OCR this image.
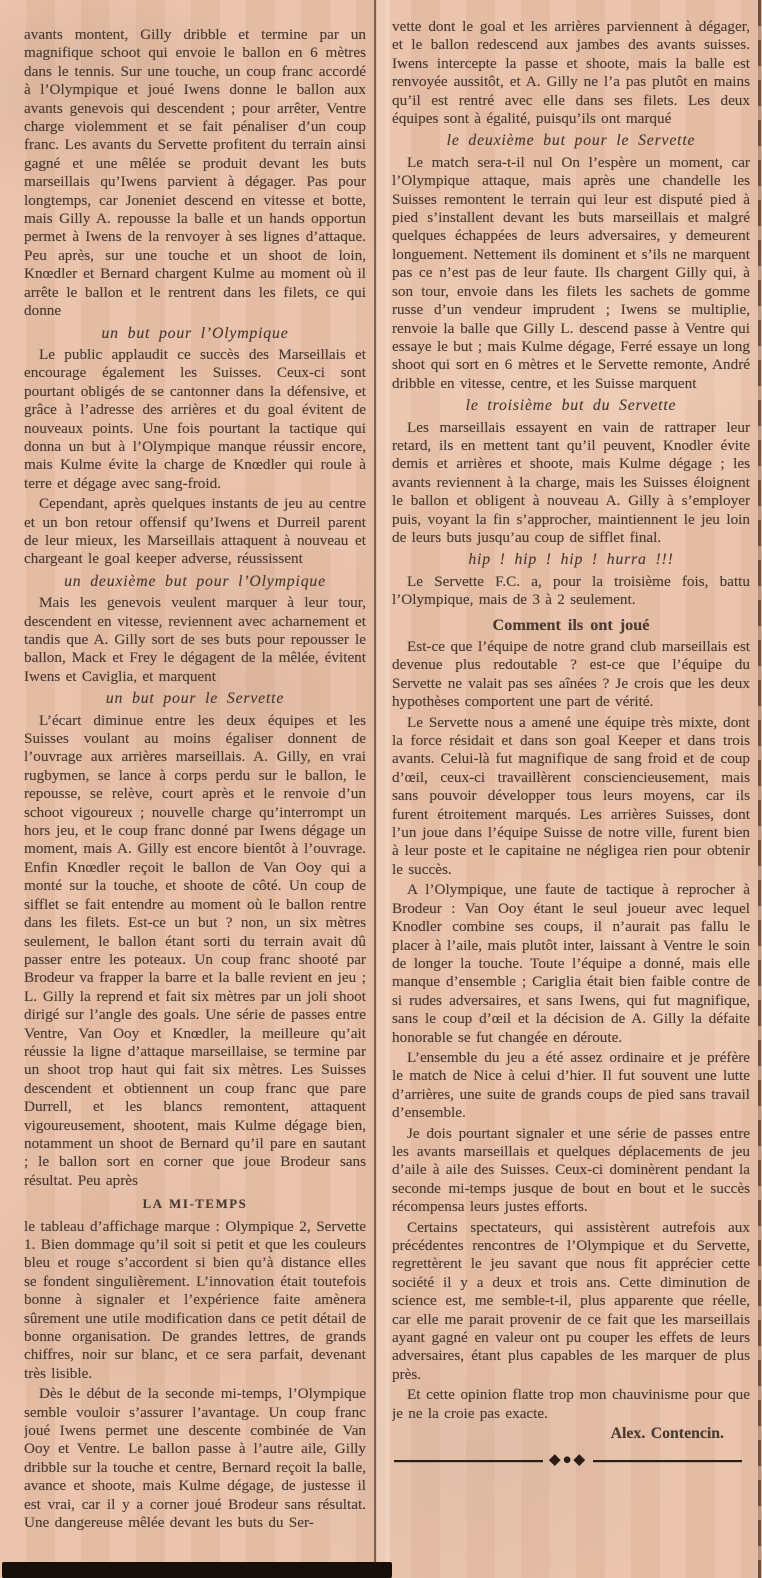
avants montent, Gilly dribble et termine par un magnifique schoot qui envoie le ballon en 6 mètres dans le tennis. Sur une touche, un coup franc accordé à l’Olympique et joué Iwens donne le ballon aux avants genevois qui descendent ; pour arrêter, Ventre charge violemment et se fait pénaliser d’un coup franc. Les avants du Servette profitent du terrain ainsi gagné et une mêlée se produit devant les buts marseillais qu’Iwens parvient à dégager. Pas pour longtemps, car Joneniet descend en vitesse et botte, mais Gilly A. repousse la balle et un hands opportun permet à Iwens de la renvoyer à ses lignes d’attaque. Peu après, sur une touche et un shoot de loin, Knœdler et Bernard chargent Kulme au moment où il arrête le ballon et le rentrent dans les filets, ce qui donne
un but pour l’Olympique
Le public applaudit ce succès des Marseillais et encourage également les Suisses. Ceux-ci sont pourtant obligés de se cantonner dans la défensive, et grâce à l’adresse des arrières et du goal évitent de nouveaux points. Une fois pourtant la tactique qui donna un but à l’Olympique manque réussir encore, mais Kulme évite la charge de Knœdler qui roule à terre et dégage avec sang-froid.
Cependant, après quelques instants de jeu au centre et un bon retour offensif qu’Iwens et Durreil parent de leur mieux, les Marseillais attaquent à nouveau et chargeant le goal keeper adverse, réussissent
un deuxième but pour l’Olympique
Mais les genevois veulent marquer à leur tour, descendent en vitesse, reviennent avec acharnement et tandis que A. Gilly sort de ses buts pour repousser le ballon, Mack et Frey le dégagent de la mêlée, évitent Iwens et Caviglia, et marquent
un but pour le Servette
L’écart diminue entre les deux équipes et les Suisses voulant au moins égaliser donnent de l’ouvrage aux arrières marseillais. A. Gilly, en vrai rugbymen, se lance à corps perdu sur le ballon, le repousse, se relève, court après et le renvoie d’un schoot vigoureux ; nouvelle charge qu’interrompt un hors jeu, et le coup franc donné par Iwens dégage un moment, mais A. Gilly est encore bientôt à l’ouvrage. Enfin Knœdler reçoit le ballon de Van Ooy qui a monté sur la touche, et shoote de côté. Un coup de sifflet se fait entendre au moment où le ballon rentre dans les filets. Est-ce un but ? non, un six mètres seulement, le ballon étant sorti du terrain avait dû passer entre les poteaux. Un coup franc shooté par Brodeur va frapper la barre et la balle revient en jeu ; L. Gilly la reprend et fait six mètres par un joli shoot dirigé sur l’angle des goals. Une série de passes entre Ventre, Van Ooy et Knœdler, la meilleure qu’ait réussie la ligne d’attaque marseillaise, se termine par un shoot trop haut qui fait six mètres. Les Suisses descendent et obtiennent un coup franc que pare Durrell, et les blancs remontent, attaquent vigoureusement, shootent, mais Kulme dégage bien, notamment un shoot de Bernard qu’il pare en sautant ; le ballon sort en corner que joue Brodeur sans résultat. Peu après
LA MI-TEMPS
le tableau d’affichage marque : Olympique 2, Servette 1. Bien dommage qu’il soit si petit et que les couleurs bleu et rouge s’accordent si bien qu’à distance elles se fondent singulièrement. L’innovation était toutefois bonne à signaler et l’expérience faite amènera sûrement une utile modification dans ce petit détail de bonne organisation. De grandes lettres, de grands chiffres, noir sur blanc, et ce sera parfait, devenant très lisible.
Dès le début de la seconde mi-temps, l’Olympique semble vouloir s’assurer l’avantage. Un coup franc joué Iwens permet une descente combinée de Van Ooy et Ventre. Le ballon passe à l’autre aile, Gilly dribble sur la touche et centre, Bernard reçoit la balle, avance et shoote, mais Kulme dégage, de justesse il est vrai, car il y a corner joué Brodeur sans résultat. Une dangereuse mêlée devant les buts du Ser-
vette dont le goal et les arrières parviennent à dégager, et le ballon redescend aux jambes des avants suisses. Iwens intercepte la passe et shoote, mais la balle est renvoyée aussitôt, et A. Gilly ne l’a pas plutôt en mains qu’il est rentré avec elle dans ses filets. Les deux équipes sont à égalité, puisqu’ils ont marqué
le deuxième but pour le Servette
Le match sera-t-il nul On l’espère un moment, car l’Olympique attaque, mais après une chandelle les Suisses remontent le terrain qui leur est disputé pied à pied s’installent devant les buts marseillais et malgré quelques échappées de leurs adversaires, y demeurent longuement. Nettement ils dominent et s’ils ne marquent pas ce n’est pas de leur faute. Ils chargent Gilly qui, à son tour, envoie dans les filets les sachets de gomme russe d’un vendeur imprudent ; Iwens se multiplie, renvoie la balle que Gilly L. descend passe à Ventre qui essaye le but ; mais Kulme dégage, Ferré essaye un long shoot qui sort en 6 mètres et le Servette remonte, André dribble en vitesse, centre, et les Suisse marquent
le troisième but du Servette
Les marseillais essayent en vain de rattraper leur retard, ils en mettent tant qu’il peuvent, Knodler évite demis et arrières et shoote, mais Kulme dégage ; les avants reviennent à la charge, mais les Suisses éloignent le ballon et obligent à nouveau A. Gilly à s’employer puis, voyant la fin s’approcher, maintiennent le jeu loin de leurs buts jusqu’au coup de sifflet final.
hip ! hip ! hip ! hurra !!!
Le Servette F.C. a, pour la troisième fois, battu l’Olympique, mais de 3 à 2 seulement.
Comment ils ont joué
Est-ce que l’équipe de notre grand club marseillais est devenue plus redoutable ? est-ce que l’équipe du Servette ne valait pas ses aînées ? Je crois que les deux hypothèses comportent une part de vérité.
Le Servette nous a amené une équipe très mixte, dont la force résidait et dans son goal Keeper et dans trois avants. Celui-là fut magnifique de sang froid et de coup d’œil, ceux-ci travaillèrent consciencieusement, mais sans pouvoir développer tous leurs moyens, car ils furent étroitement marqués. Les arrières Suisses, dont l’un joue dans l’équipe Suisse de notre ville, furent bien à leur poste et le capitaine ne négligea rien pour obtenir le succès.
A l’Olympique, une faute de tactique à reprocher à Brodeur : Van Ooy étant le seul joueur avec lequel Knodler combine ses coups, il n’aurait pas fallu le placer à l’aile, mais plutôt inter, laissant à Ventre le soin de longer la touche. Toute l’équipe a donné, mais elle manque d’ensemble ; Cariglia était bien faible contre de si rudes adversaires, et sans Iwens, qui fut magnifique, sans le coup d’œil et la décision de A. Gilly la défaite honorable se fut changée en déroute.
L’ensemble du jeu a été assez ordinaire et je préfère le match de Nice à celui d’hier. Il fut souvent une lutte d’arrières, une suite de grands coups de pied sans travail d’ensemble.
Je dois pourtant signaler et une série de passes entre les avants marseillais et quelques déplacements de jeu d’aile à aile des Suisses. Ceux-ci dominèrent pendant la seconde mi-temps jusque de bout en bout et le succès récompensa leurs justes efforts.
Certains spectateurs, qui assistèrent autrefois aux précédentes rencontres de l’Olympique et du Servette, regrettèrent le jeu savant que nous fit apprécier cette société il y a deux et trois ans. Cette diminution de science est, me semble-t-il, plus apparente que réelle, car elle me parait provenir de ce fait que les marseillais ayant gagné en valeur ont pu couper les effets de leurs adversaires, étant plus capables de les marquer de plus près.
Et cette opinion flatte trop mon chauvinisme pour que je ne la croie pas exacte.
Alex. Contencin.
◆●◆
